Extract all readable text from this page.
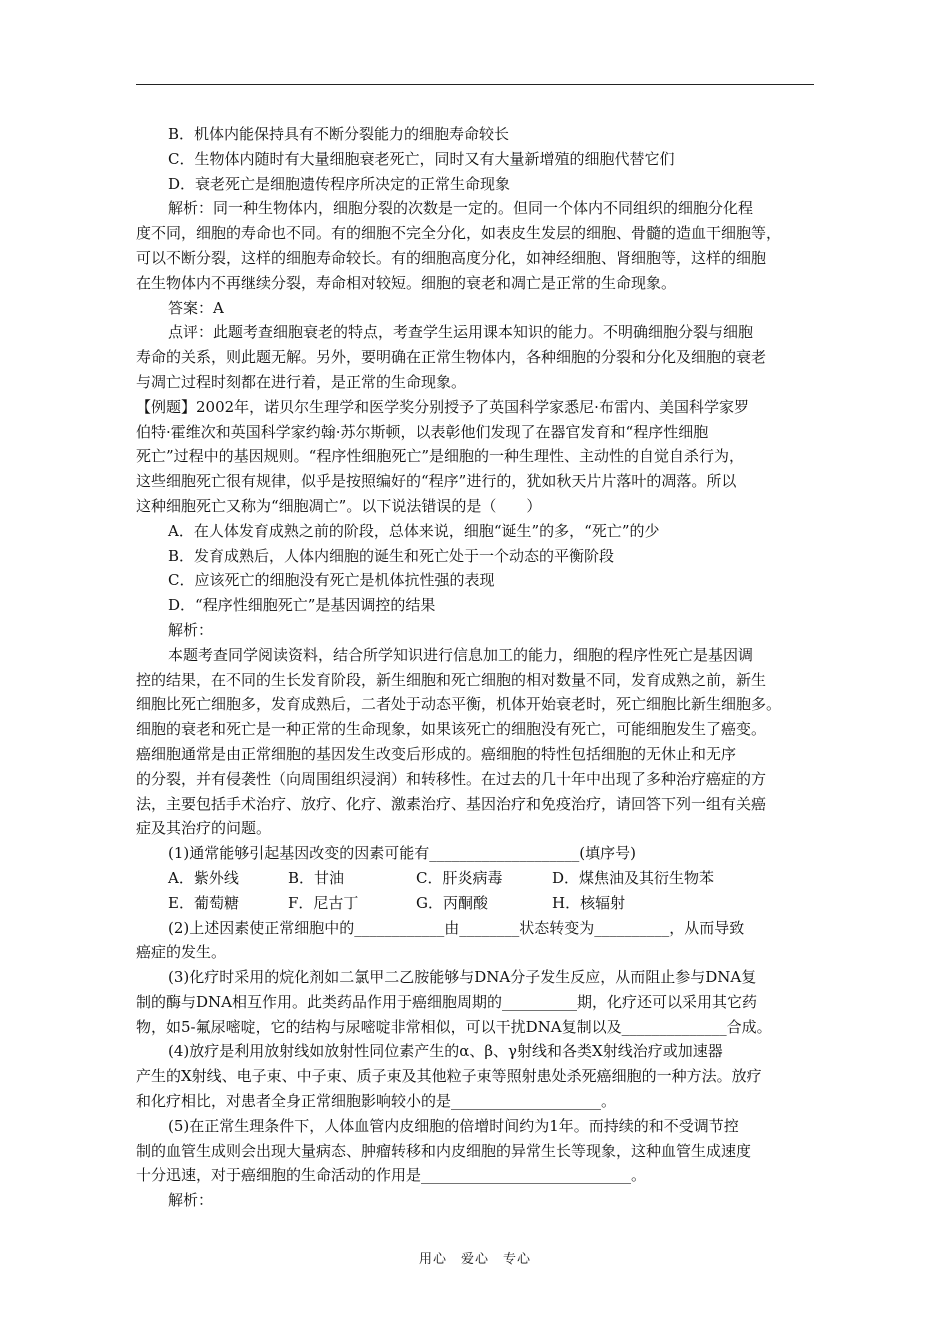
B．机体内能保持具有不断分裂能力的细胞寿命较长
C．生物体内随时有大量细胞衰老死亡，同时又有大量新增殖的细胞代替它们
D．衰老死亡是细胞遗传程序所决定的正常生命现象
解析：同一种生物体内，细胞分裂的次数是一定的。但同一个体内不同组织的细胞分化程
度不同，细胞的寿命也不同。有的细胞不完全分化，如表皮生发层的细胞、骨髓的造血干细胞等，
可以不断分裂，这样的细胞寿命较长。有的细胞高度分化，如神经细胞、肾细胞等，这样的细胞
在生物体内不再继续分裂，寿命相对较短。细胞的衰老和凋亡是正常的生命现象。
答案：A
点评：此题考查细胞衰老的特点，考查学生运用课本知识的能力。不明确细胞分裂与细胞
寿命的关系，则此题无解。另外，要明确在正常生物体内，各种细胞的分裂和分化及细胞的衰老
与凋亡过程时刻都在进行着，是正常的生命现象。
【例题】2002年，诺贝尔生理学和医学奖分别授予了英国科学家悉尼·布雷内、美国科学家罗
伯特·霍维次和英国科学家约翰·苏尔斯顿，以表彰他们发现了在器官发育和“程序性细胞
死亡”过程中的基因规则。“程序性细胞死亡”是细胞的一种生理性、主动性的自觉自杀行为，
这些细胞死亡很有规律，似乎是按照编好的“程序”进行的，犹如秋天片片落叶的凋落。所以
这种细胞死亡又称为“细胞凋亡”。以下说法错误的是（　　）
A．在人体发育成熟之前的阶段，总体来说，细胞“诞生”的多，“死亡”的少
B．发育成熟后，人体内细胞的诞生和死亡处于一个动态的平衡阶段
C．应该死亡的细胞没有死亡是机体抗性强的表现
D．“程序性细胞死亡”是基因调控的结果
解析：
本题考查同学阅读资料，结合所学知识进行信息加工的能力，细胞的程序性死亡是基因调
控的结果，在不同的生长发育阶段，新生细胞和死亡细胞的相对数量不同，发育成熟之前，新生
细胞比死亡细胞多，发育成熟后，二者处于动态平衡，机体开始衰老时，死亡细胞比新生细胞多。
细胞的衰老和死亡是一种正常的生命现象，如果该死亡的细胞没有死亡，可能细胞发生了癌变。
癌细胞通常是由正常细胞的基因发生改变后形成的。癌细胞的特性包括细胞的无休止和无序
的分裂，并有侵袭性（向周围组织浸润）和转移性。在过去的几十年中出现了多种治疗癌症的方
法，主要包括手术治疗、放疗、化疗、激素治疗、基因治疗和免疫治疗，请回答下列一组有关癌
症及其治疗的问题。
(1)通常能够引起基因改变的因素可能有____________________(填序号)
A．紫外线	B．甘油	C．肝炎病毒	D．煤焦油及其衍生物苯
E．葡萄糖	F．尼古丁	G．丙酮酸	H．核辐射
(2)上述因素使正常细胞中的____________由________状态转变为__________，从而导致
癌症的发生。
(3)化疗时采用的烷化剂如二氯甲二乙胺能够与DNA分子发生反应，从而阻止参与DNA复
制的酶与DNA相互作用。此类药品作用于癌细胞周期的__________期，化疗还可以采用其它药
物，如5-氟尿嘧啶，它的结构与尿嘧啶非常相似，可以干扰DNA复制以及______________合成。
(4)放疗是利用放射线如放射性同位素产生的α、β、γ射线和各类X射线治疗或加速器
产生的X射线、电子束、中子束、质子束及其他粒子束等照射患处杀死癌细胞的一种方法。放疗
和化疗相比，对患者全身正常细胞影响较小的是____________________。
(5)在正常生理条件下，人体血管内皮细胞的倍增时间约为1年。而持续的和不受调节控
制的血管生成则会出现大量病态、肿瘤转移和内皮细胞的异常生长等现象，这种血管生成速度
十分迅速，对于癌细胞的生命活动的作用是____________________________。
解析：
用心　爱心　专心
